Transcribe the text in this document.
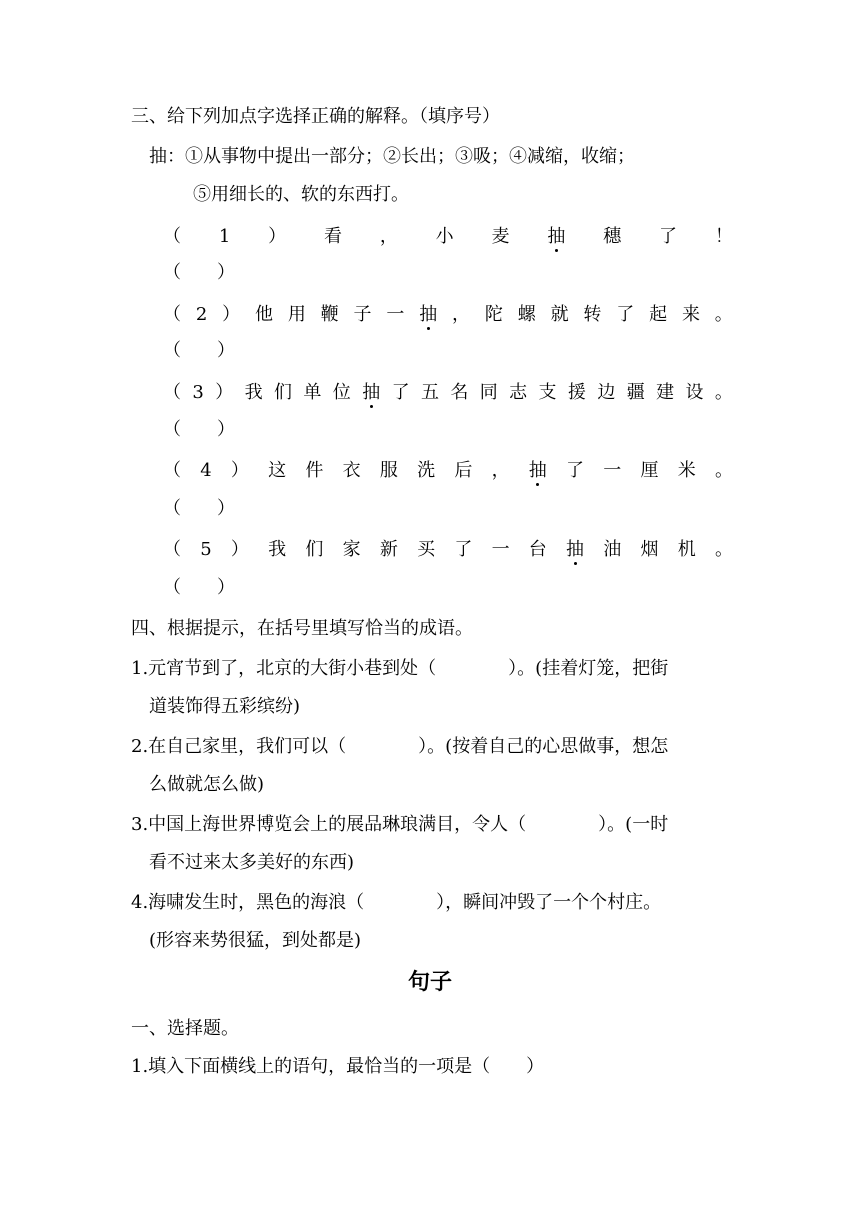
三、给下列加点字选择正确的解释。（填序号）
抽：①从事物中提出一部分；②长出；③吸；④减缩，收缩；
⑤用细长的、软的东西打。
（ 1 ） 看 ， 小 麦 抽 穗 了 ！
（　　）
（ 2 ） 他 用 鞭 子 一 抽 ， 陀 螺 就 转 了 起 来 。
（　　）
（ 3 ） 我 们 单 位 抽 了 五 名 同 志 支 援 边 疆 建 设 。
（　　）
（ 4 ） 这 件 衣 服 洗 后 ， 抽 了 一 厘 米 。
（　　）
（ 5 ） 我 们 家 新 买 了 一 台 抽 油 烟 机 。
（　　）
四、根据提示，在括号里填写恰当的成语。
1.元宵节到了，北京的大街小巷到处（　　　　）。(挂着灯笼，把街
道装饰得五彩缤纷)
2.在自己家里，我们可以（　　　　）。(按着自己的心思做事，想怎
么做就怎么做)
3.中国上海世界博览会上的展品琳琅满目，令人（　　　　）。(一时
看不过来太多美好的东西)
4.海啸发生时，黑色的海浪（　　　　），瞬间冲毁了一个个村庄。
(形容来势很猛，到处都是)
句子
一、选择题。
1.填入下面横线上的语句，最恰当的一项是（　　）
